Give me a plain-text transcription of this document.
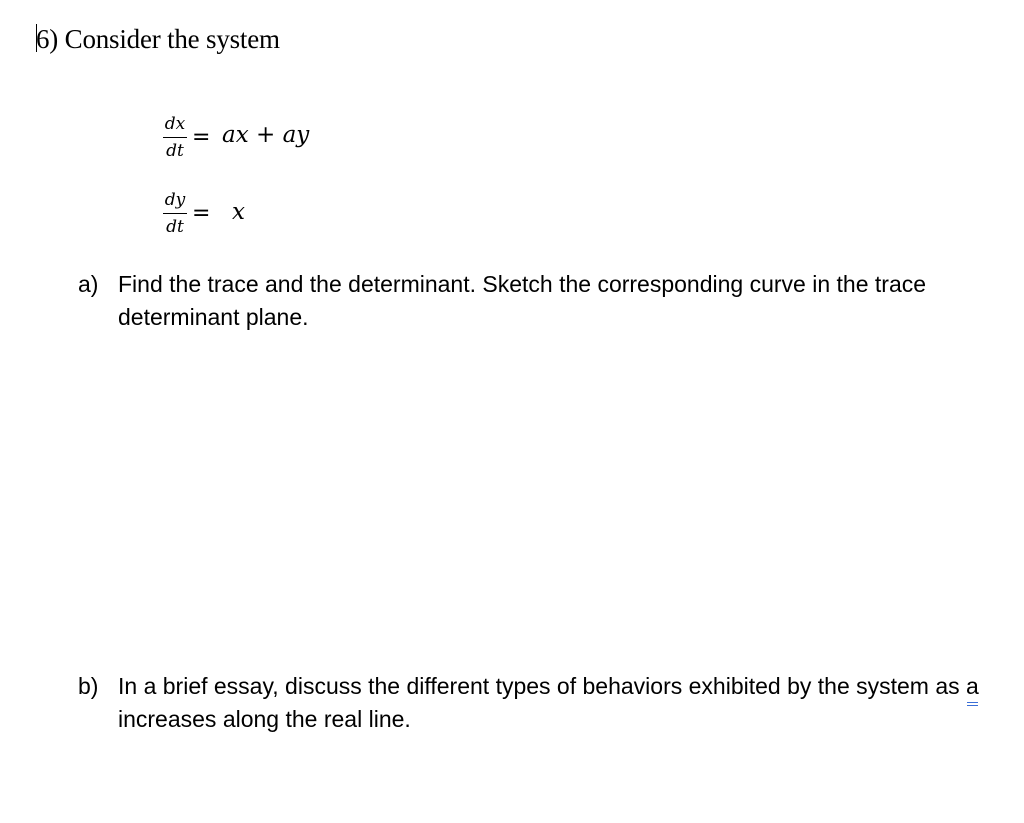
6) Consider the system
dx
dt
= ax + ay
dy
dt
= x
a) Find the trace and the determinant. Sketch the corresponding curve in the trace determinant plane.
b) In a brief essay, discuss the different types of behaviors exhibited by the system as a increases along the real line.
